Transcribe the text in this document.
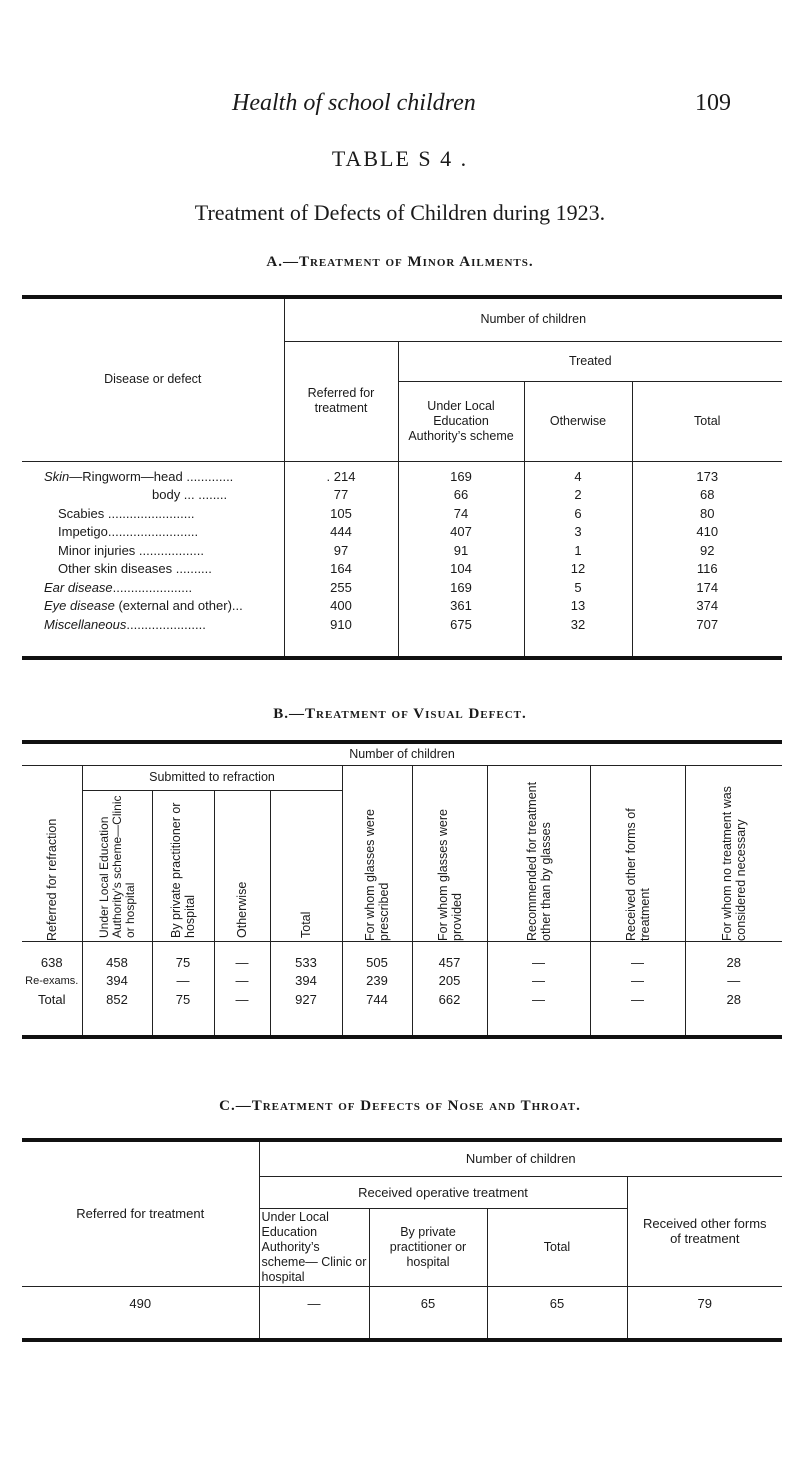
Health of school children	109
TABLE S 4 .
Treatment of Defects of Children during 1923.
A.—Treatment of Minor Ailments.
Disease or defect	Number of children			
	Referred for treatment	Treated		
		Under Local Education Authority’s scheme	Otherwise	Total

Skin—Ringworm—head .............	. 214	169	4	173
body ... ........	77	66	2	68
Scabies ........................	105	74	6	80
Impetigo.........................	444	407	3	410
Minor injuries ..................	97	91	1	92
Other skin diseases ..........	164	104	12	116
Ear disease......................	255	169	5	174
Eye disease (external and other)...	400	361	13	374
Miscellaneous......................	910	675	32	707

B.—Treatment of Visual Defect.
Number of children									

Referred for refraction	Submitted to refraction				For whom glasses were prescribed	For whom glasses were provided	Recommended for treatment other than by glasses	Received other forms of treatment	For whom no treatment was considered necessary

	Under Local Education Authority’s scheme—Clinic or hospital	By private practitioner or hospital	Otherwise	Total					

638	458	75	—	533	505	457	—	—	28
Re-exams.	394	—	—	394	239	205	—	—	—
Total	852	75	—	927	744	662	—	—	28

C.—Treatment of Defects of Nose and Throat.
Referred for treatment	Number of children			
	Received operative treatment			Received other forms of treatment
	Under Local Education Authority’s scheme— Clinic or hospital	By private practitioner or hospital	Total	
490	—	65	65	79
